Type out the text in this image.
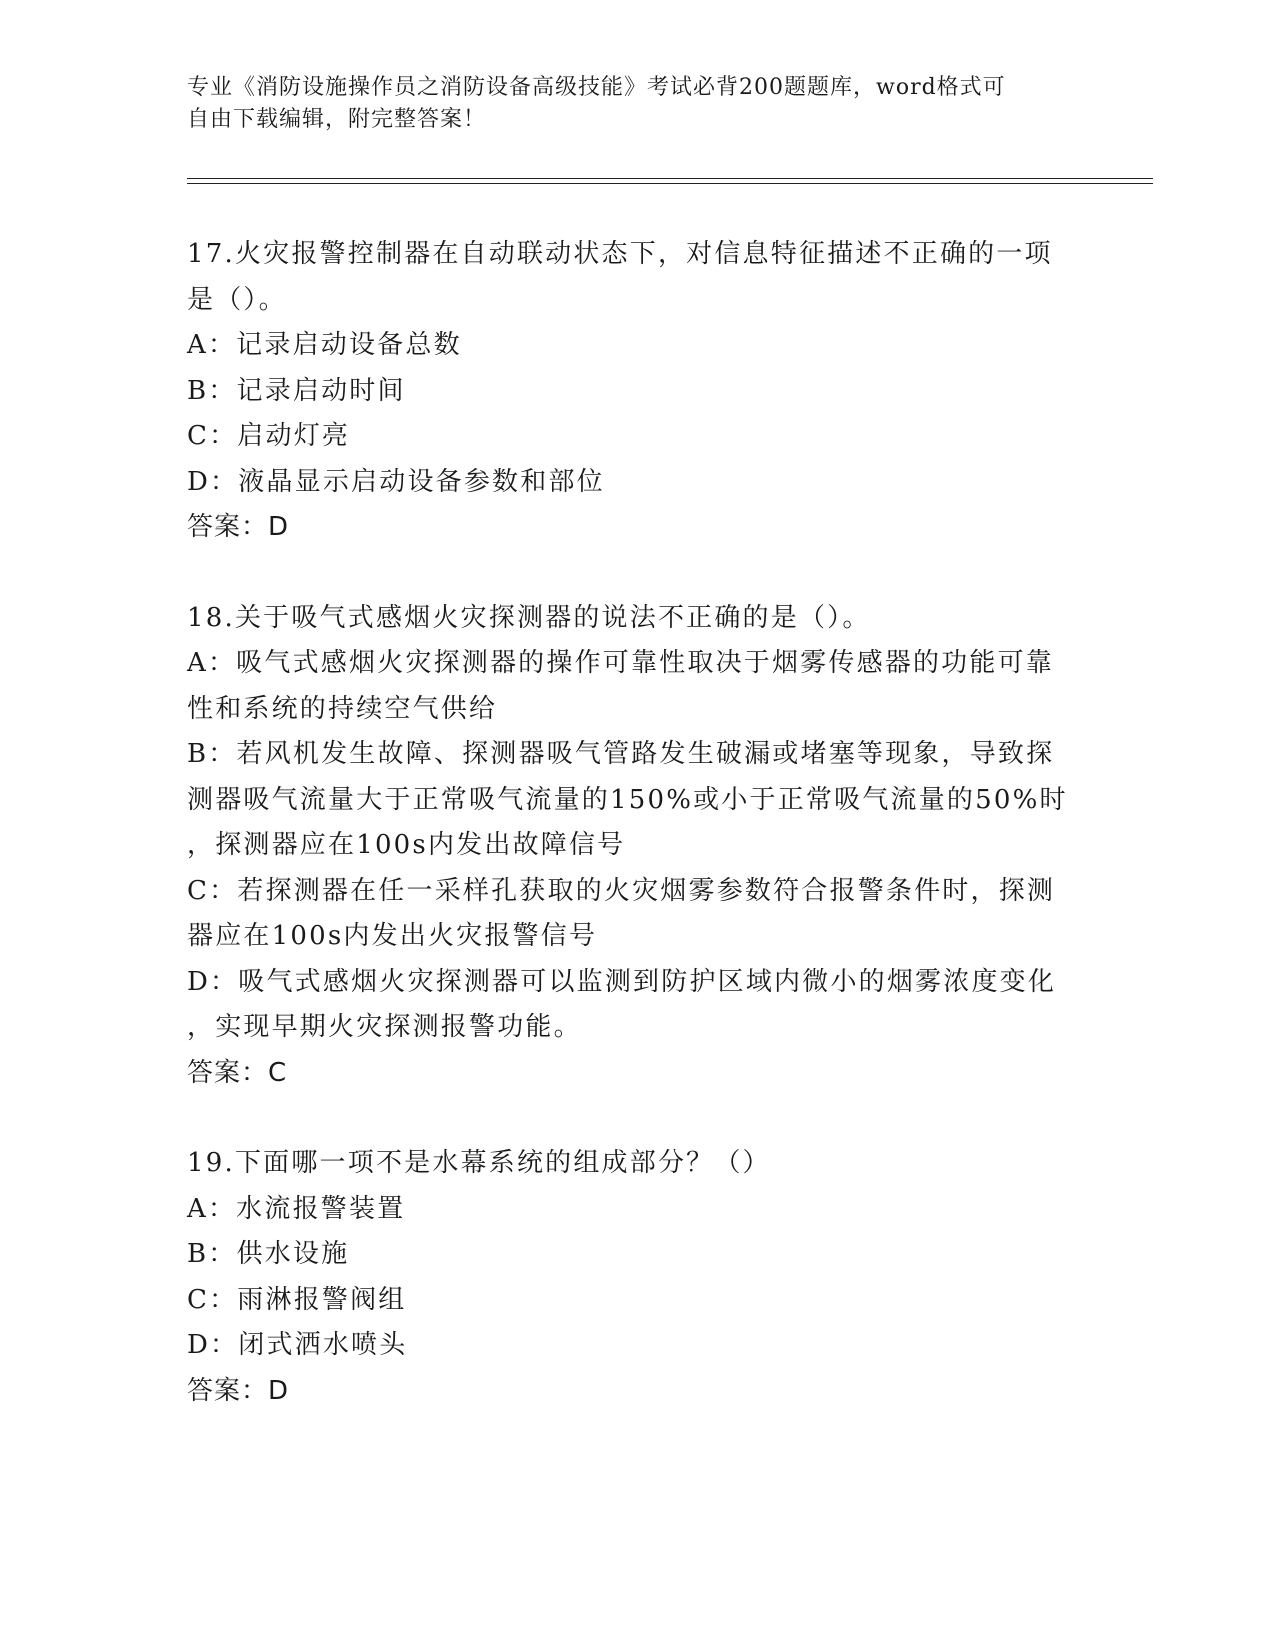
专业《消防设施操作员之消防设备高级技能》考试必背200题题库，word格式可
自由下载编辑，附完整答案！
17.火灾报警控制器在自动联动状态下，对信息特征描述不正确的一项
是（）。
A：记录启动设备总数
B：记录启动时间
C：启动灯亮
D：液晶显示启动设备参数和部位
答案：D
18.关于吸气式感烟火灾探测器的说法不正确的是（）。
A：吸气式感烟火灾探测器的操作可靠性取决于烟雾传感器的功能可靠
性和系统的持续空气供给
B：若风机发生故障、探测器吸气管路发生破漏或堵塞等现象，导致探
测器吸气流量大于正常吸气流量的150%或小于正常吸气流量的50%时
，探测器应在100s内发出故障信号
C：若探测器在任一采样孔获取的火灾烟雾参数符合报警条件时，探测
器应在100s内发出火灾报警信号
D：吸气式感烟火灾探测器可以监测到防护区域内微小的烟雾浓度变化
，实现早期火灾探测报警功能。
答案：C
19.下面哪一项不是水幕系统的组成部分？（）
A：水流报警装置
B：供水设施
C：雨淋报警阀组
D：闭式洒水喷头
答案：D
